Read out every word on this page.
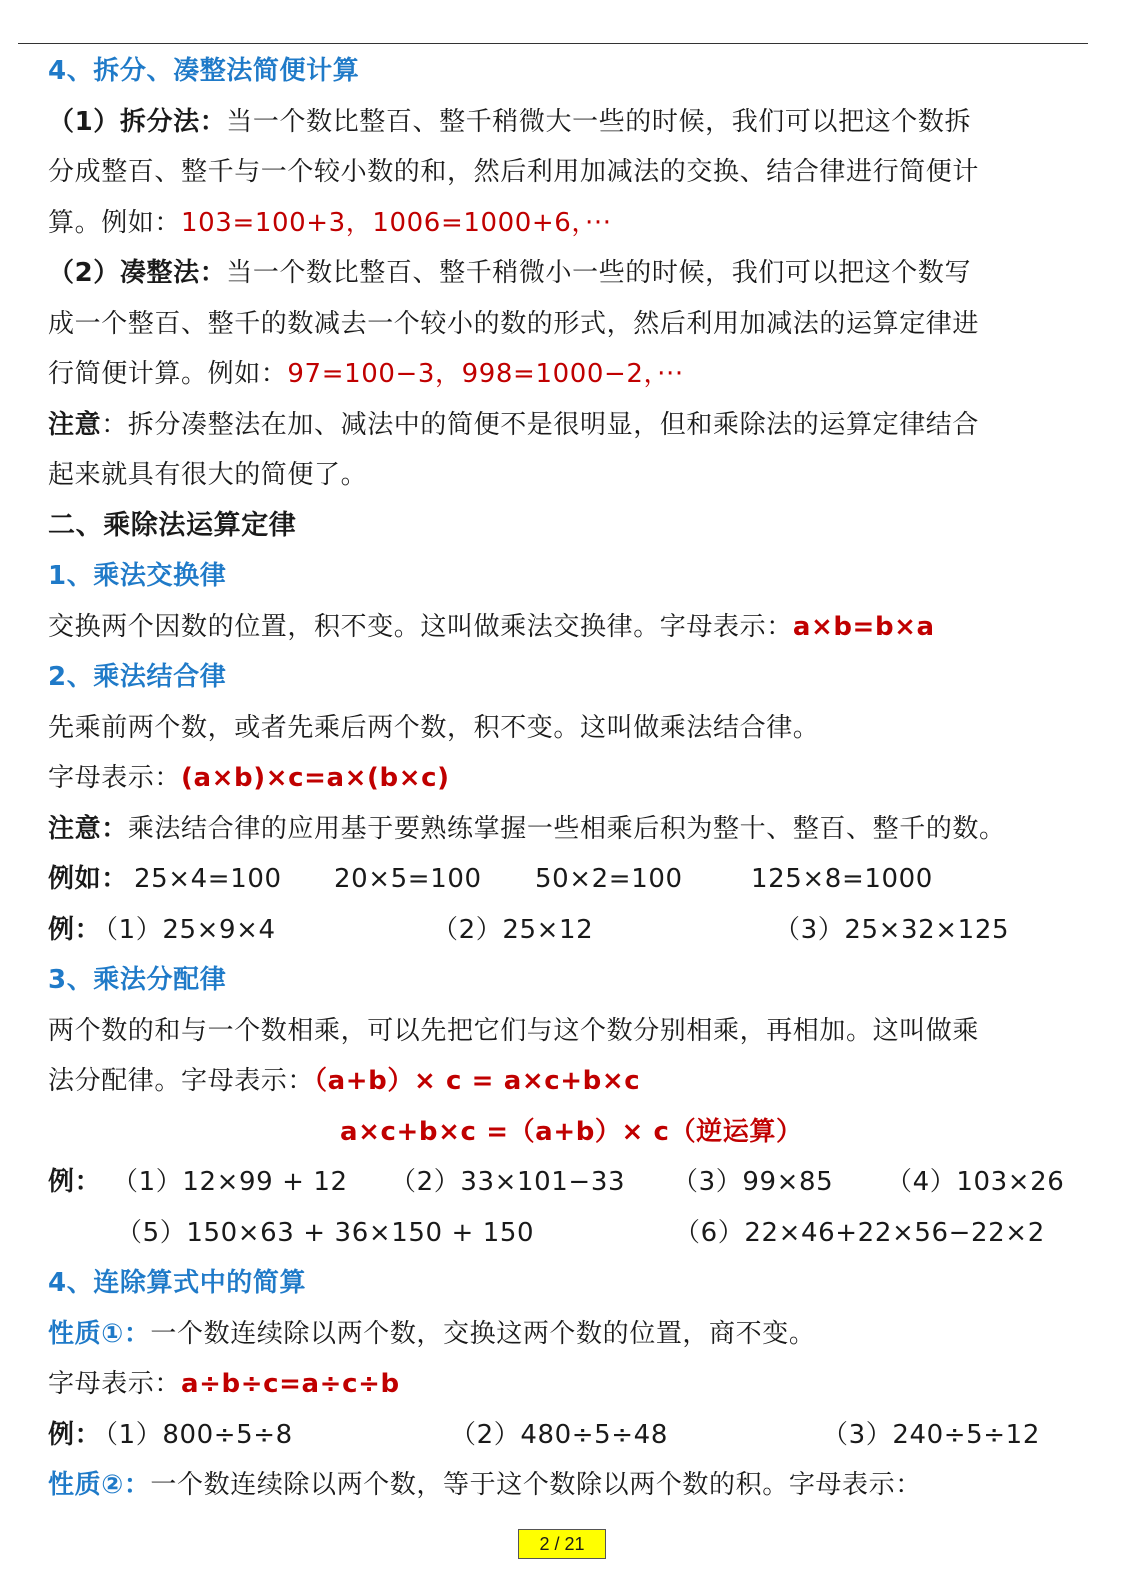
4、拆分、凑整法简便计算
（1）拆分法：当一个数比整百、整千稍微大一些的时候，我们可以把这个数拆
分成整百、整千与一个较小数的和，然后利用加减法的交换、结合律进行简便计
算。例如：103=100+3，1006=1000+6，···
（2）凑整法：当一个数比整百、整千稍微小一些的时候，我们可以把这个数写
成一个整百、整千的数减去一个较小的数的形式，然后利用加减法的运算定律进
行简便计算。例如：97=100−3，998=1000−2，···
注意：拆分凑整法在加、减法中的简便不是很明显，但和乘除法的运算定律结合
起来就具有很大的简便了。
二、乘除法运算定律
1、乘法交换律
交换两个因数的位置，积不变。这叫做乘法交换律。字母表示：a×b=b×a
2、乘法结合律
先乘前两个数，或者先乘后两个数，积不变。这叫做乘法结合律。
字母表示：(a×b)×c=a×(b×c)
注意：乘法结合律的应用基于要熟练掌握一些相乘后积为整十、整百、整千的数。
例如： 25×4=100 20×5=100 50×2=100	125×8=1000
例：
（1）25×9×4	（2）25×12	（3）25×32×125
3、乘法分配律
两个数的和与一个数相乘，可以先把它们与这个数分别相乘，再相加。这叫做乘
法分配律。字母表示：（a+b）× c = a×c+b×c
a×c+b×c =（a+b）× c（逆运算）
例： （1）12×99 + 12 （2）33×101−33 （3）99×85 （4）103×26
（5）150×63 + 36×150 + 150	（6）22×46+22×56−22×2
4、连除算式中的简算
性质①：一个数连续除以两个数，交换这两个数的位置，商不变。
字母表示：a÷b÷c=a÷c÷b
例：
（1）800÷5÷8	（2）480÷5÷48	（3）240÷5÷12
性质②：一个数连续除以两个数，等于这个数除以两个数的积。字母表示：
2 / 21
